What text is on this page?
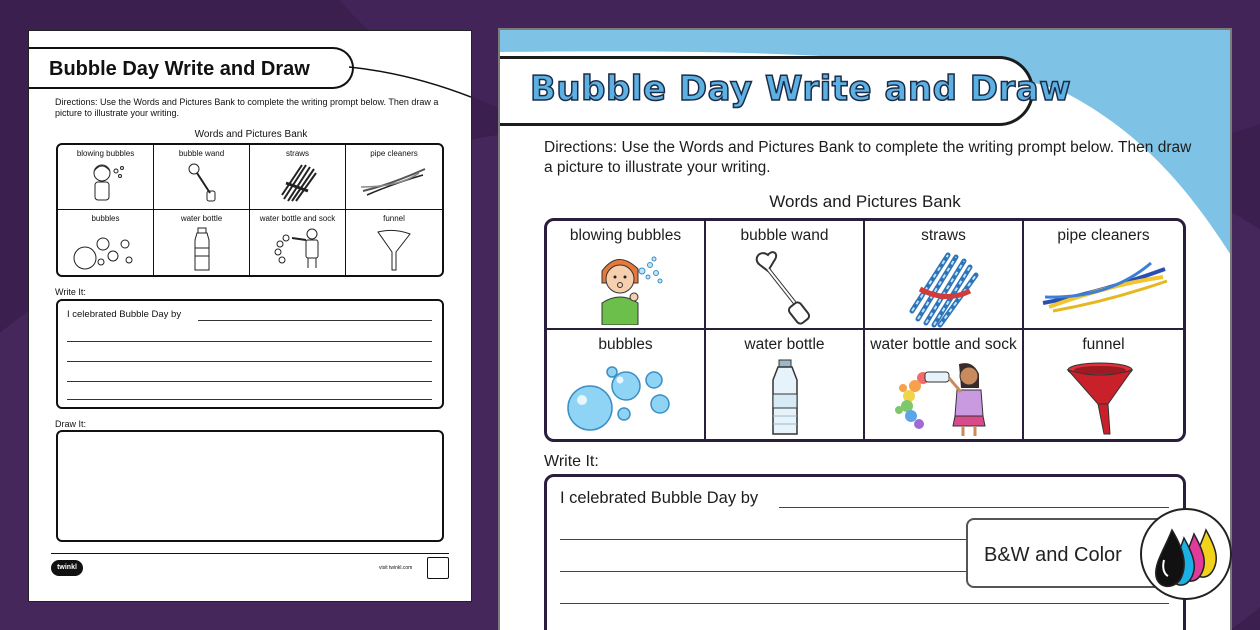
Bubble Day Write and Draw
Directions: Use the Words and Pictures Bank to complete the writing prompt below. Then draw a picture to illustrate your writing.
Words and Pictures Bank
blowing bubbles	bubble wand	straws	pipe cleaners
bubbles	water bottle	water bottle and sock	funnel
Write It:
I celebrated Bubble Day by
Draw It:
twinkl	visit twinkl.com
Bubble Day Write and Draw
Directions: Use the Words and Pictures Bank to complete the writing prompt below. Then draw a picture to illustrate your writing.
Words and Pictures Bank
blowing bubbles	bubble wand	straws	pipe cleaners
bubbles	water bottle	water bottle and sock	funnel
Write It:
I celebrated Bubble Day by
B&W and Color
